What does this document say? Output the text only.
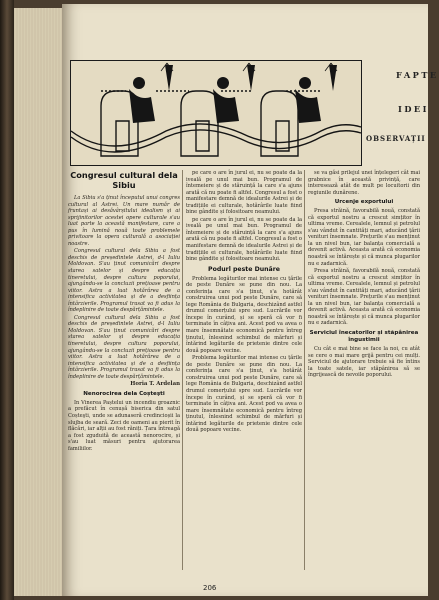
FAPTE
IDEI
OBSERVAȚII
Congresul cultural dela Sibiu

La Sibiu s'a ținut începutul unui congres cultural al Astrei. Un mare număr de fruntași ai desăvârșitului idealism și ai sprijinitorilor acestei opere culturale s'au luat parte la această manifestare, care a pus în lumină nouă toate problemele privitoare la opera culturală a asociației noastre.

Congresul cultural dela Sibiu a fost deschis de președintele Astrei, d-l Iuliu Moldovan. S'au ținut comunicări despre starea satelor și despre educația tineretului, despre cultura poporului, ajungându-se la concluzii prețioase pentru viitor. Astra a luat hotărârea de a intensifica activitatea și de a desființa întârzierile. Programul trasat va fi adus la îndeplinire de toate despărțămintele.

Congresul cultural dela Sibiu a fost deschis de președintele Astrei, d-l Iuliu Moldovan. S'au ținut comunicări despre starea satelor și despre educația tineretului, despre cultura poporului, ajungându-se la concluzii prețioase pentru viitor. Astra a luat hotărârea de a intensifica activitatea și de a desființa întârzierile. Programul trasat va fi adus la îndeplinire de toate despărțămintele.

Horia T. Ardelan
Nenorocirea dela Coșteşti

In Vinerea Paștelui un incendiu groaznic a prefăcut în cenușă biserica din satul Coșteşti, unde se adunaseră credincioșii la slujba de seară. Zeci de oameni au pierit în flăcări, iar alții au fost răniți. Țara întreagă a fost zguduită de această nenorocire, și s'au luat măsuri pentru ajutorarea familiilor.

pe care o are în jurul ei, nu se poate da la iveală pe unul mai bun. Programul de întemeiere și de stăruință la care s'a ajuns arată că nu poate fi altfel. Congresul a fost o manifestare demnă de idealurile Astrei și de tradițiile ei culturale, hotărârile luate fiind bine gândite și folositoare neamului.

pe care o are în jurul ei, nu se poate da la iveală pe unul mai bun. Programul de întemeiere și de stăruință la care s'a ajuns arată că nu poate fi altfel. Congresul a fost o manifestare demnă de idealurile Astrei și de tradițiile ei culturale, hotărârile luate fiind bine gândite și folositoare neamului.

Podurl peste Dunăre

Problema legăturilor mai intense cu țările de peste Dunăre se pune din nou. La conferința care s'a ținut, s'a hotărât construirea unui pod peste Dunăre, care să lege România de Bulgaria, deschizând astfel drumul comerțului spre sud. Lucrările vor începe în curând, și se speră că vor fi terminate în câțiva ani. Acest pod va avea o mare însemnătate economică pentru întreg ținutul, înlesnind schimbul de mărfuri și întărind legăturile de prietenie dintre cele două popoare vecine.

Problema legăturilor mai intense cu țările de peste Dunăre se pune din nou. La conferința care s'a ținut, s'a hotărât construirea unui pod peste Dunăre, care să lege România de Bulgaria, deschizând astfel drumul comerțului spre sud. Lucrările vor începe în curând, și se speră că vor fi terminate în câțiva ani. Acest pod va avea o mare însemnătate economică pentru întreg ținutul, înlesnind schimbul de mărfuri și întărind legăturile de prietenie dintre cele două popoare vecine.

se va găsi prilejul unei înțelegeri cât mai grabnice în această privință, care interesează atât de mult pe locuitorii din regiunile dunărene.

Urcenje exportului

Presa străină, favorabilă nouă, constată că exportul nostru a crescut simțitor în ultima vreme. Cerealele, lemnul și petrolul s'au vândut în cantități mari, aducând țării venituri însemnate. Prețurile s'au menținut la un nivel bun, iar balanța comercială a devenit activă. Aceasta arată că economia noastră se întărește și că munca plugarilor nu e zadarnică.

Presa străină, favorabilă nouă, constată că exportul nostru a crescut simțitor în ultima vreme. Cerealele, lemnul și petrolul s'au vândut în cantități mari, aducând țării venituri însemnate. Prețurile s'au menținut la un nivel bun, iar balanța comercială a devenit activă. Aceasta arată că economia noastră se întărește și că munca plugarilor nu e zadarnică.

Serviciul înecatorilor și stăpânirea îngustimii

Cu cât e mai bine se face la noi, cu atât se cere o mai mare grijă pentru cei mulți. Serviciul de ajutorare trebuie să fie întins la toate satele, iar stăpânirea să se îngrijească de nevoile poporului.

206
